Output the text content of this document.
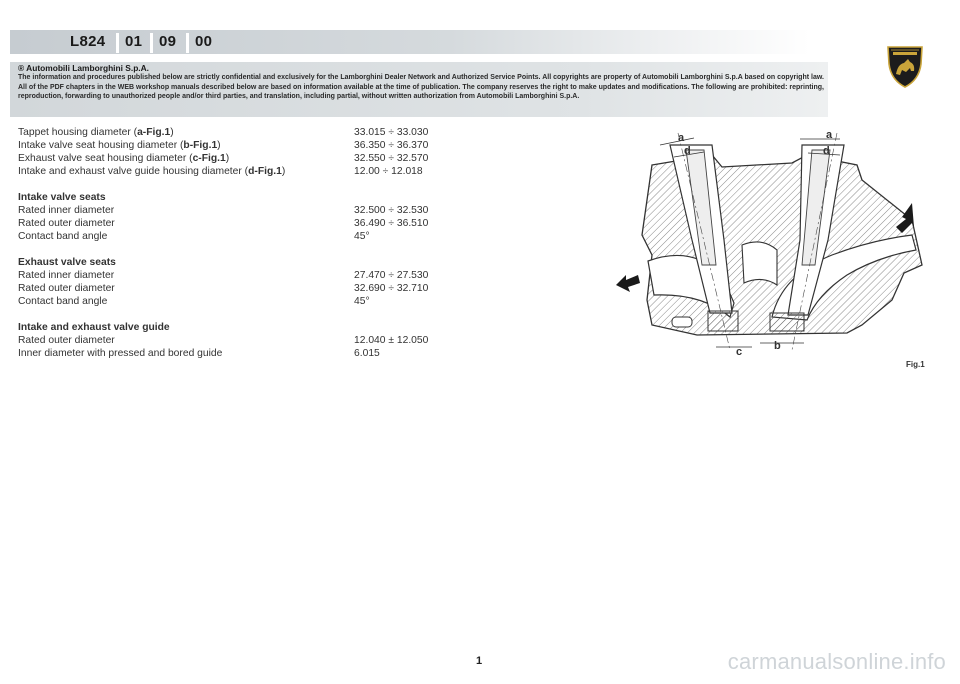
L824 01 09 00
® Automobili Lamborghini S.p.A.
The information and procedures published below are strictly confidential and exclusively for the Lamborghini Dealer Network and Authorized Service Points. All copyrights are property of Automobili Lamborghini S.p.A based on copyright law. All of the PDF chapters in the WEB workshop manuals described below are based on information available at the time of publication. The company reserves the right to make updates and modifications. The following are prohibited: reprinting, reproduction, forwarding to unauthorized people and/or third parties, and translation, including partial, without written authorization from Automobili Lamborghini S.p.A.
Tappet housing diameter (a-Fig.1)	33.015 ÷ 33.030
Intake valve seat housing diameter (b-Fig.1)	36.350 ÷ 36.370
Exhaust valve seat housing diameter (c-Fig.1)	32.550 ÷ 32.570
Intake and exhaust valve guide housing diameter (d-Fig.1)	12.00 ÷ 12.018
Intake valve seats
Rated inner diameter	32.500 ÷ 32.530
Rated outer diameter	36.490 ÷ 36.510
Contact band angle	45°
Exhaust valve seats
Rated inner diameter	27.470 ÷ 27.530
Rated outer diameter	32.690 ÷ 32.710
Contact band angle	45°
Intake and exhaust valve guide
Rated outer diameter	12.040 ± 12.050
Inner diameter with pressed and bored guide	6.015
a
d
a
d
c	b
Fig.1
1	carmanualsonline.info
